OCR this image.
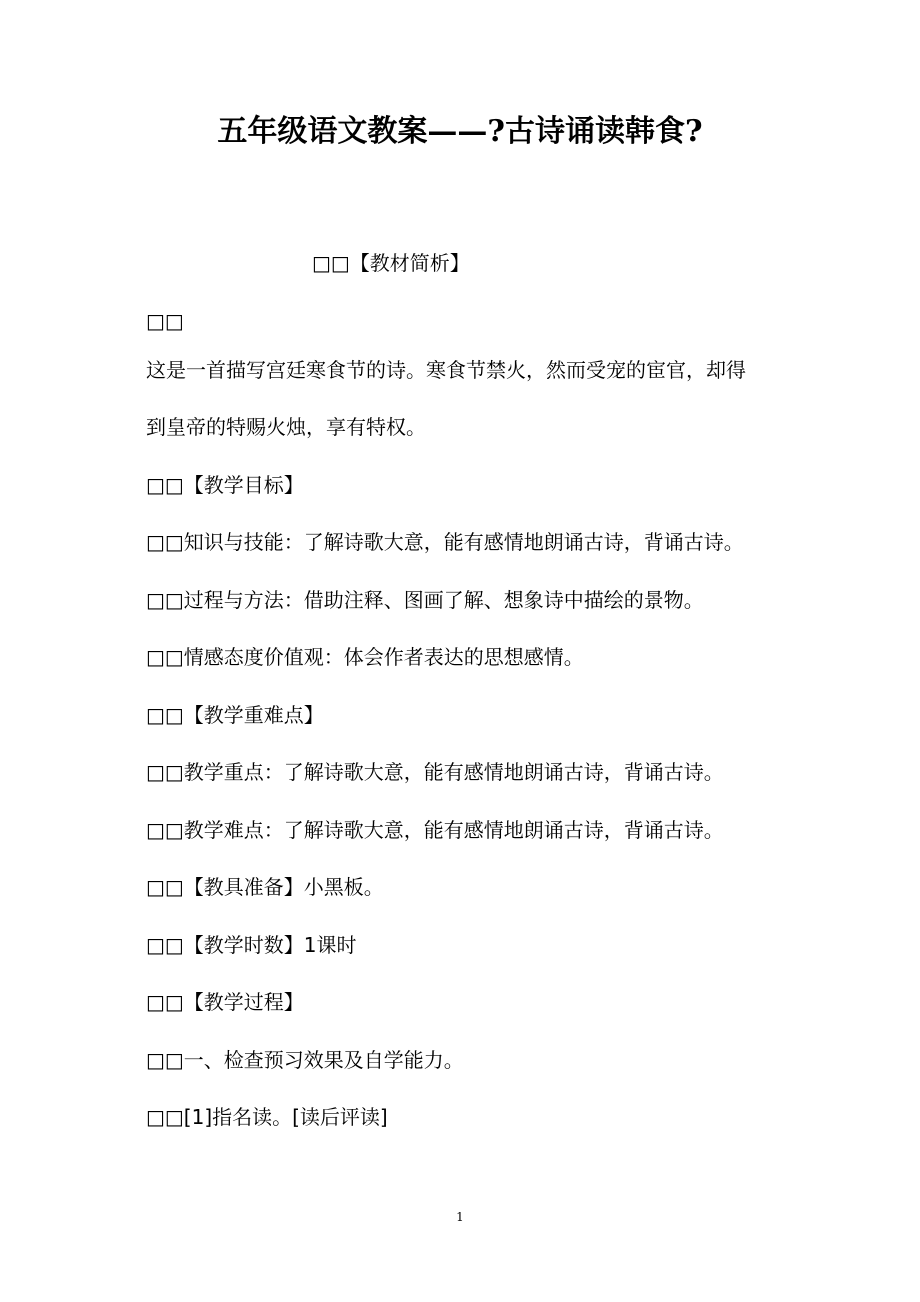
五年级语文教案——?古诗诵读韩食?
□□【教材简析】
□□
这是一首描写宫廷寒食节的诗。寒食节禁火，然而受宠的宦官，却得
到皇帝的特赐火烛，享有特权。
□□【教学目标】
□□知识与技能：了解诗歌大意，能有感情地朗诵古诗，背诵古诗。
□□过程与方法：借助注释、图画了解、想象诗中描绘的景物。
□□情感态度价值观：体会作者表达的思想感情。
□□【教学重难点】
□□教学重点：了解诗歌大意，能有感情地朗诵古诗，背诵古诗。
□□教学难点：了解诗歌大意，能有感情地朗诵古诗，背诵古诗。
□□【教具准备】小黑板。
□□【教学时数】1课时
□□【教学过程】
□□一、检查预习效果及自学能力。
□□[1]指名读。[读后评读]
1
